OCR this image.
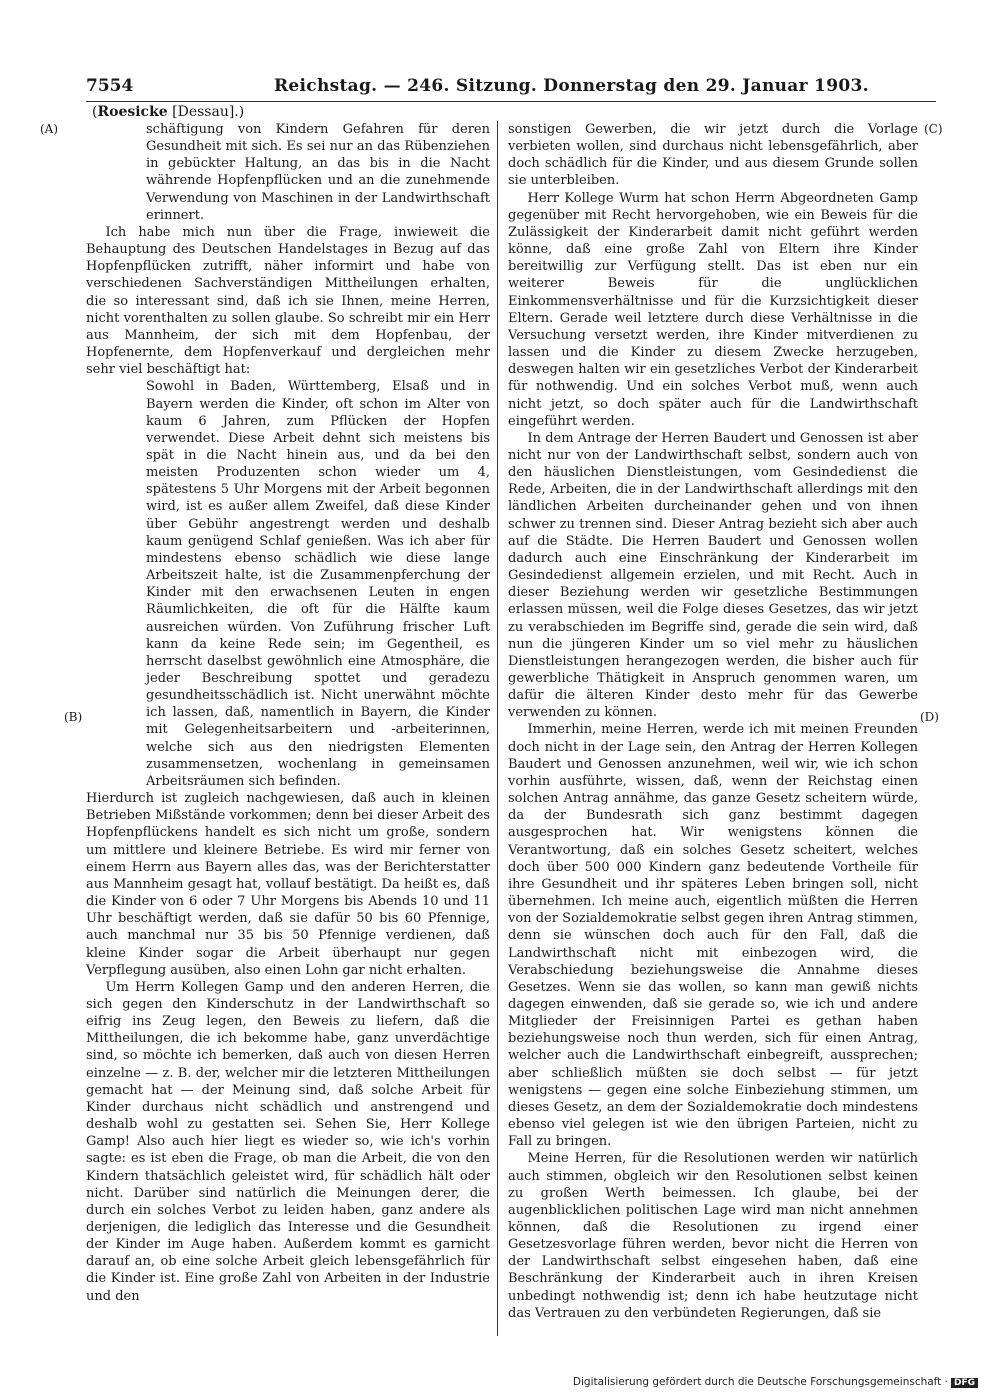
7554	Reichstag. — 246. Sitzung. Donnerstag den 29. Januar 1903.
(Roesicke [Dessau].)
(A)
(B)
(C)
(D)

schäftigung von Kindern Gefahren für deren Gesundheit mit sich. Es sei nur an das Rübenziehen in gebückter Haltung, an das bis in die Nacht währende Hopfenpflücken und an die zunehmende Verwendung von Maschinen in der Landwirthschaft erinnert.

Ich habe mich nun über die Frage, inwieweit die Behauptung des Deutschen Handelstages in Bezug auf das Hopfenpflücken zutrifft, näher informirt und habe von verschiedenen Sachverständigen Mittheilungen erhalten, die so interessant sind, daß ich sie Ihnen, meine Herren, nicht vorenthalten zu sollen glaube. So schreibt mir ein Herr aus Mannheim, der sich mit dem Hopfenbau, der Hopfenernte, dem Hopfenverkauf und dergleichen mehr sehr viel beschäftigt hat:

Sowohl in Baden, Württemberg, Elsaß und in Bayern werden die Kinder, oft schon im Alter von kaum 6 Jahren, zum Pflücken der Hopfen verwendet. Diese Arbeit dehnt sich meistens bis spät in die Nacht hinein aus, und da bei den meisten Produzenten schon wieder um 4, spätestens 5 Uhr Morgens mit der Arbeit begonnen wird, ist es außer allem Zweifel, daß diese Kinder über Gebühr angestrengt werden und deshalb kaum genügend Schlaf genießen. Was ich aber für mindestens ebenso schädlich wie diese lange Arbeitszeit halte, ist die Zusammenpferchung der Kinder mit den erwachsenen Leuten in engen Räumlichkeiten, die oft für die Hälfte kaum ausreichen würden. Von Zuführung frischer Luft kann da keine Rede sein; im Gegentheil, es herrscht daselbst gewöhnlich eine Atmosphäre, die jeder Beschreibung spottet und geradezu gesundheitsschädlich ist. Nicht unerwähnt möchte ich lassen, daß, namentlich in Bayern, die Kinder mit Gelegenheitsarbeitern und -arbeiterinnen, welche sich aus den niedrigsten Elementen zusammensetzen, wochenlang in gemeinsamen Arbeitsräumen sich befinden.

Hierdurch ist zugleich nachgewiesen, daß auch in kleinen Betrieben Mißstände vorkommen; denn bei dieser Arbeit des Hopfenpflückens handelt es sich nicht um große, sondern um mittlere und kleinere Betriebe. Es wird mir ferner von einem Herrn aus Bayern alles das, was der Berichterstatter aus Mannheim gesagt hat, vollauf bestätigt. Da heißt es, daß die Kinder von 6 oder 7 Uhr Morgens bis Abends 10 und 11 Uhr beschäftigt werden, daß sie dafür 50 bis 60 Pfennige, auch manchmal nur 35 bis 50 Pfennige verdienen, daß kleine Kinder sogar die Arbeit überhaupt nur gegen Verpflegung ausüben, also einen Lohn gar nicht erhalten.

Um Herrn Kollegen Gamp und den anderen Herren, die sich gegen den Kinderschutz in der Landwirthschaft so eifrig ins Zeug legen, den Beweis zu liefern, daß die Mittheilungen, die ich bekomme habe, ganz unverdächtige sind, so möchte ich bemerken, daß auch von diesen Herren einzelne — z. B. der, welcher mir die letzteren Mittheilungen gemacht hat — der Meinung sind, daß solche Arbeit für Kinder durchaus nicht schädlich und anstrengend und deshalb wohl zu gestatten sei. Sehen Sie, Herr Kollege Gamp! Also auch hier liegt es wieder so, wie ich's vorhin sagte: es ist eben die Frage, ob man die Arbeit, die von den Kindern thatsächlich geleistet wird, für schädlich hält oder nicht. Darüber sind natürlich die Meinungen derer, die durch ein solches Verbot zu leiden haben, ganz andere als derjenigen, die lediglich das Interesse und die Gesundheit der Kinder im Auge haben. Außerdem kommt es garnicht darauf an, ob eine solche Arbeit gleich lebensgefährlich für die Kinder ist. Eine große Zahl von Arbeiten in der Industrie und den

sonstigen Gewerben, die wir jetzt durch die Vorlage verbieten wollen, sind durchaus nicht lebensgefährlich, aber doch schädlich für die Kinder, und aus diesem Grunde sollen sie unterbleiben.

Herr Kollege Wurm hat schon Herrn Abgeordneten Gamp gegenüber mit Recht hervorgehoben, wie ein Beweis für die Zulässigkeit der Kinderarbeit damit nicht geführt werden könne, daß eine große Zahl von Eltern ihre Kinder bereitwillig zur Verfügung stellt. Das ist eben nur ein weiterer Beweis für die unglücklichen Einkommensverhältnisse und für die Kurzsichtigkeit dieser Eltern. Gerade weil letztere durch diese Verhältnisse in die Versuchung versetzt werden, ihre Kinder mitverdienen zu lassen und die Kinder zu diesem Zwecke herzugeben, deswegen halten wir ein gesetzliches Verbot der Kinderarbeit für nothwendig. Und ein solches Verbot muß, wenn auch nicht jetzt, so doch später auch für die Landwirthschaft eingeführt werden.

In dem Antrage der Herren Baudert und Genossen ist aber nicht nur von der Landwirthschaft selbst, sondern auch von den häuslichen Dienstleistungen, vom Gesindedienst die Rede, Arbeiten, die in der Landwirthschaft allerdings mit den ländlichen Arbeiten durcheinander gehen und von ihnen schwer zu trennen sind. Dieser Antrag bezieht sich aber auch auf die Städte. Die Herren Baudert und Genossen wollen dadurch auch eine Einschränkung der Kinderarbeit im Gesindedienst allgemein erzielen, und mit Recht. Auch in dieser Beziehung werden wir gesetzliche Bestimmungen erlassen müssen, weil die Folge dieses Gesetzes, das wir jetzt zu verabschieden im Begriffe sind, gerade die sein wird, daß nun die jüngeren Kinder um so viel mehr zu häuslichen Dienstleistungen herangezogen werden, die bisher auch für gewerbliche Thätigkeit in Anspruch genommen waren, um dafür die älteren Kinder desto mehr für das Gewerbe verwenden zu können.

Immerhin, meine Herren, werde ich mit meinen Freunden doch nicht in der Lage sein, den Antrag der Herren Kollegen Baudert und Genossen anzunehmen, weil wir, wie ich schon vorhin ausführte, wissen, daß, wenn der Reichstag einen solchen Antrag annähme, das ganze Gesetz scheitern würde, da der Bundesrath sich ganz bestimmt dagegen ausgesprochen hat. Wir wenigstens können die Verantwortung, daß ein solches Gesetz scheitert, welches doch über 500 000 Kindern ganz bedeutende Vortheile für ihre Gesundheit und ihr späteres Leben bringen soll, nicht übernehmen. Ich meine auch, eigentlich müßten die Herren von der Sozialdemokratie selbst gegen ihren Antrag stimmen, denn sie wünschen doch auch für den Fall, daß die Landwirthschaft nicht mit einbezogen wird, die Verabschiedung beziehungsweise die Annahme dieses Gesetzes. Wenn sie das wollen, so kann man gewiß nichts dagegen einwenden, daß sie gerade so, wie ich und andere Mitglieder der Freisinnigen Partei es gethan haben beziehungsweise noch thun werden, sich für einen Antrag, welcher auch die Landwirthschaft einbegreift, aussprechen; aber schließlich müßten sie doch selbst — für jetzt wenigstens — gegen eine solche Einbeziehung stimmen, um dieses Gesetz, an dem der Sozialdemokratie doch mindestens ebenso viel gelegen ist wie den übrigen Parteien, nicht zu Fall zu bringen.

Meine Herren, für die Resolutionen werden wir natürlich auch stimmen, obgleich wir den Resolutionen selbst keinen zu großen Werth beimessen. Ich glaube, bei der augenblicklichen politischen Lage wird man nicht annehmen können, daß die Resolutionen zu irgend einer Gesetzesvorlage führen werden, bevor nicht die Herren von der Landwirthschaft selbst eingesehen haben, daß eine Beschränkung der Kinderarbeit auch in ihren Kreisen unbedingt nothwendig ist; denn ich habe heutzutage nicht das Vertrauen zu den verbündeten Regierungen, daß sie

Digitalisierung gefördert durch die Deutsche Forschungsgemeinschaft · DFG
